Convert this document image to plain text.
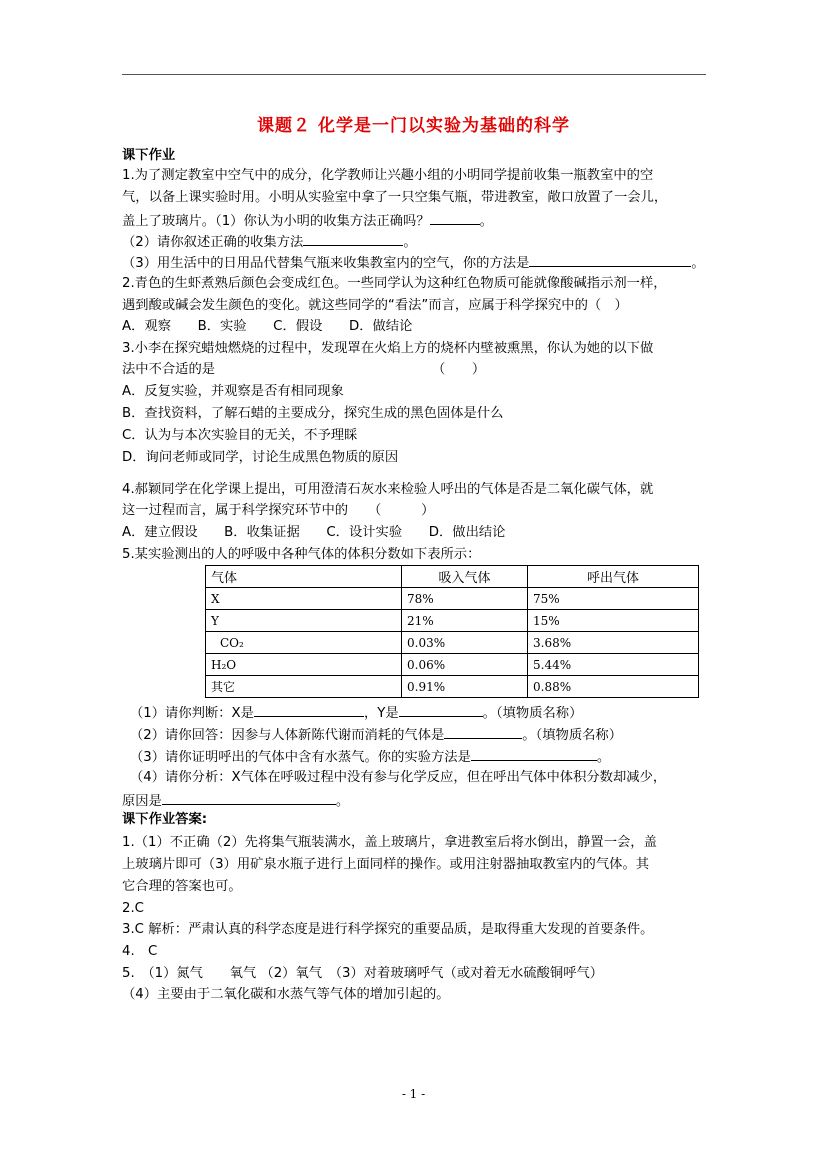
课题２ 化学是一门以实验为基础的科学
课下作业
1.为了测定教室中空气中的成分，化学教师让兴趣小组的小明同学提前收集一瓶教室中的空
气，以备上课实验时用。小明从实验室中拿了一只空集气瓶，带进教室，敞口放置了一会儿，
盖上了玻璃片。（1）你认为小明的收集方法正确吗？	。
（2）请你叙述正确的收集方法	。
（3）用生活中的日用品代替集气瓶来收集教室内的空气，你的方法是	。
2.青色的生虾煮熟后颜色会变成红色。一些同学认为这种红色物质可能就像酸碱指示剂一样，
遇到酸或碱会发生颜色的变化。就这些同学的“看法”而言，应属于科学探究中的（　）
A．观察　　B．实验　　C．假设　　D．做结论
3.小李在探究蜡烛燃烧的过程中，发现罩在火焰上方的烧杯内壁被熏黑，你认为她的以下做
法中不合适的是	（　　）
A．反复实验，并观察是否有相同现象
B．查找资料，了解石蜡的主要成分，探究生成的黑色固体是什么
C．认为与本次实验目的无关，不予理睬
D．询问老师或同学，讨论生成黑色物质的原因
4.郝颖同学在化学课上提出，可用澄清石灰水来检验人呼出的气体是否是二氧化碳气体，就
这一过程而言，属于科学探究环节中的　　（　　　）
A．建立假设　　B．收集证据　　C．设计实验　　D．做出结论
5.某实验测出的人的呼吸中各种气体的体积分数如下表所示：
气体	吸入气体	呼出气体
X	78%	75%
Y	21%	15%
CO₂	0.03%	3.68%
H₂O	0.06%	5.44%
其它	0.91%	0.88%
（1）请你判断：X是	，Y是	。（填物质名称）
（2）请你回答：因参与人体新陈代谢而消耗的气体是	。（填物质名称）
（3）请你证明呼出的气体中含有水蒸气。你的实验方法是	。
（4）请你分析：X气体在呼吸过程中没有参与化学反应，但在呼出气体中体积分数却减少，
原因是	。
课下作业答案:
1.（1）不正确（2）先将集气瓶装满水，盖上玻璃片，拿进教室后将水倒出，静置一会，盖
上玻璃片即可（3）用矿泉水瓶子进行上面同样的操作。或用注射器抽取教室内的气体。其
它合理的答案也可。
2.C
3.C 解析：严肃认真的科学态度是进行科学探究的重要品质，是取得重大发现的首要条件。
4.　C
5.　（1）氮气　　氧气 （2）氧气　（3）对着玻璃呼气（或对着无水硫酸铜呼气）
（4）主要由于二氧化碳和水蒸气等气体的增加引起的。
- 1 -
